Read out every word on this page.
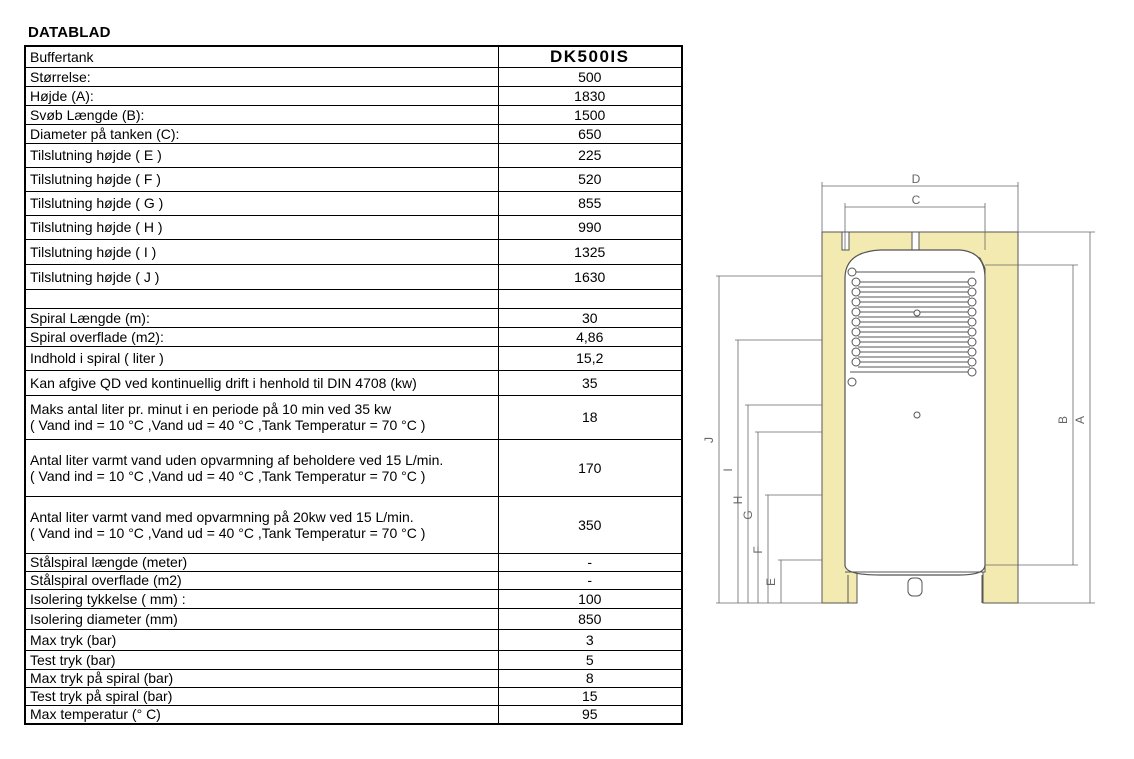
DATABLAD
Buffertank	DK500IS
Størrelse:	500
Højde (A):	1830
Svøb Længde (B):	1500
Diameter på tanken (C):	650
Tilslutning højde ( E )	225
Tilslutning højde ( F )	520
Tilslutning højde ( G )	855
Tilslutning højde ( H )	990
Tilslutning højde ( I )	1325
Tilslutning højde ( J )	1630

Spiral Længde (m):	30
Spiral overflade (m2):	4,86
Indhold i spiral ( liter )	15,2
Kan afgive QD ved kontinuellig drift i henhold til DIN 4708 (kw)	35

Maks antal liter pr. minut i en periode på 10 min ved 35 kw
( Vand ind = 10 °C ,Vand ud = 40 °C ,Tank Temperatur = 70 °C )	18

Antal liter varmt vand uden opvarmning af beholdere ved 15 L/min.
( Vand ind = 10 °C ,Vand ud = 40 °C ,Tank Temperatur = 70 °C )	170

Antal liter varmt vand med opvarmning på 20kw ved 15 L/min.
( Vand ind = 10 °C ,Vand ud = 40 °C ,Tank Temperatur = 70 °C )	350
Stålspiral længde (meter)	-
Stålspiral overflade (m2)	-
Isolering tykkelse ( mm) :	100
Isolering diameter (mm)	850
Max tryk (bar)	3
Test tryk (bar)	5
Max tryk på spiral (bar)	8
Test tryk på spiral (bar)	15
Max temperatur (° C)	95
D
C
A
B
J
I
H
G
F
E
